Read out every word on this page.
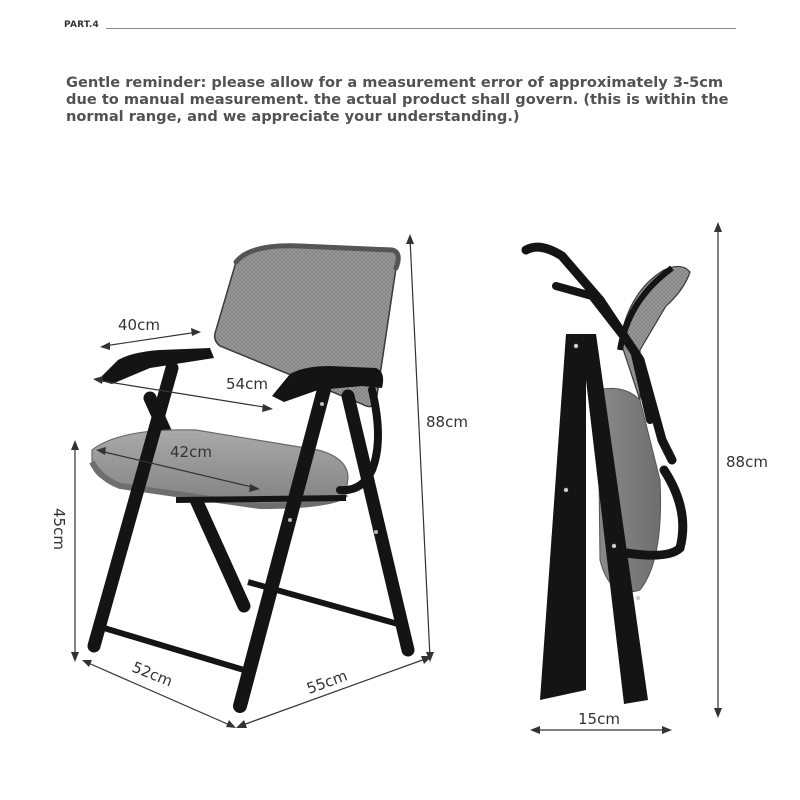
PART.4

Gentle reminder: please allow for a measurement error of approximately 3-5cm due to manual measurement. the actual product shall govern. (this is within the normal range, and we appreciate your understanding.)

40cm
54cm
42cm
88cm
45cm
52cm	55cm
88cm
15cm
